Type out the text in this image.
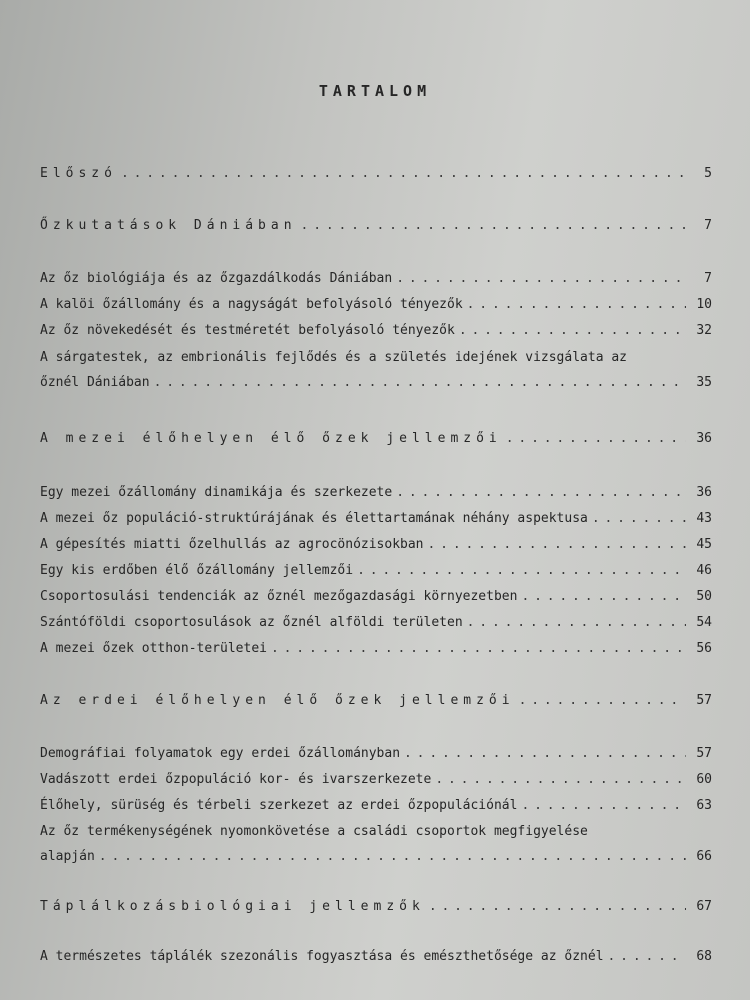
TARTALOM
Előszó . . .	5
Őzkutatások Dániában . . .	7
Az őz biológiája és az őzgazdálkodás Dániában . . .	7
A kalöi őzállomány és a nagyságát befolyásoló tényezők . . .	10
Az őz növekedését és testméretét befolyásoló tényezők . . .	32
A sárgatestek, az embrionális fejlődés és a születés idejének vizsgálata az
őznél Dániában . . .	35
A mezei élőhelyen élő őzek jellemzői . . .	36
Egy mezei őzállomány dinamikája és szerkezete . . .	36
A mezei őz populáció-struktúrájának és élettartamának néhány aspektusa . . .	43
A gépesítés miatti őzelhullás az agrocönózisokban . . .	45
Egy kis erdőben élő őzállomány jellemzői . . .	46
Csoportosulási tendenciák az őznél mezőgazdasági környezetben . . .	50
Szántóföldi csoportosulások az őznél alföldi területen . . .	54
A mezei őzek otthon-területei . . .	56
Az erdei élőhelyen élő őzek jellemzői . . .	57
Demográfiai folyamatok egy erdei őzállományban . . .	57
Vadászott erdei őzpopuláció kor- és ivarszerkezete . . .	60
Élőhely, sürüség és térbeli szerkezet az erdei őzpopulációnál . . .	63
Az őz termékenységének nyomonkövetése a családi csoportok megfigyelése
alapján . . .	66
Táplálkozásbiológiai jellemzők . . .	67
A természetes táplálék szezonális fogyasztása és emészthetősége az őznél . . .	68
